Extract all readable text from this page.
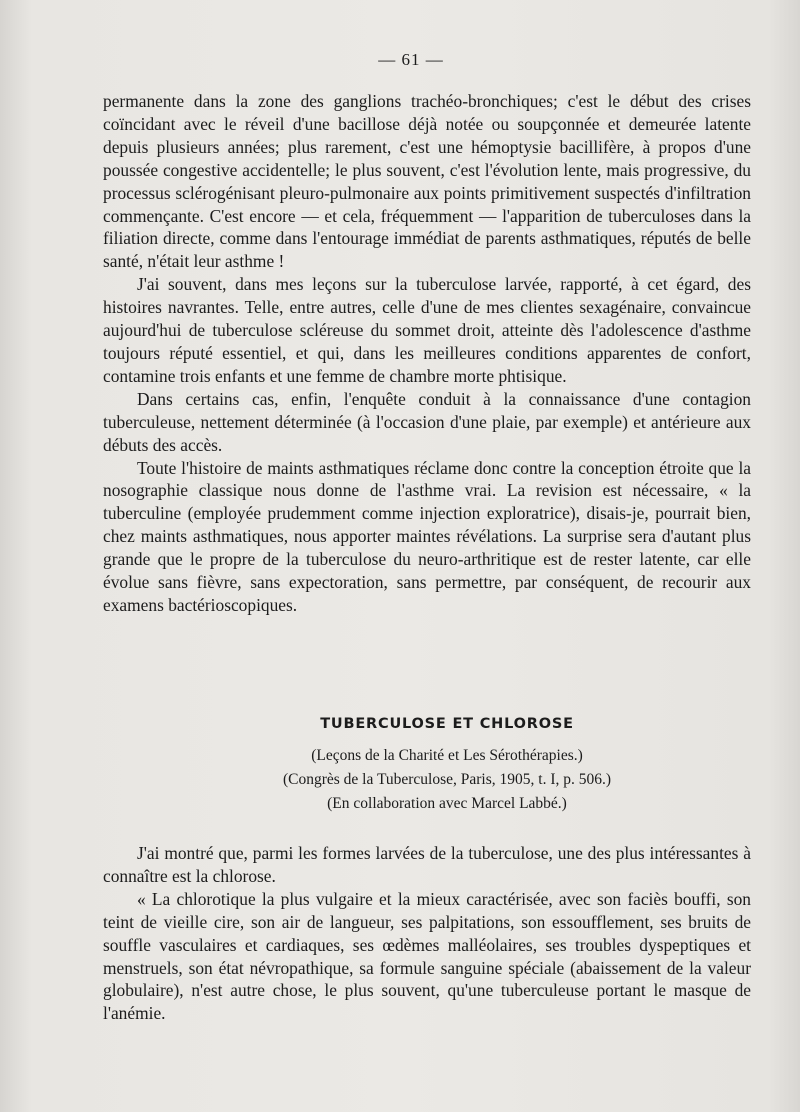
— 61 —

permanente dans la zone des ganglions trachéo-bronchiques; c'est le début des crises coïncidant avec le réveil d'une bacillose déjà notée ou soupçonnée et demeurée latente depuis plusieurs années; plus rarement, c'est une hémoptysie bacillifère, à propos d'une poussée congestive accidentelle; le plus souvent, c'est l'évolution lente, mais progressive, du processus sclérogénisant pleuro-pulmonaire aux points primitivement suspectés d'infiltration commençante. C'est encore — et cela, fréquemment — l'apparition de tuberculoses dans la filiation directe, comme dans l'entourage immédiat de parents asthmatiques, réputés de belle santé, n'était leur asthme !

J'ai souvent, dans mes leçons sur la tuberculose larvée, rapporté, à cet égard, des histoires navrantes. Telle, entre autres, celle d'une de mes clientes sexagénaire, convaincue aujourd'hui de tuberculose scléreuse du sommet droit, atteinte dès l'adolescence d'asthme toujours réputé essentiel, et qui, dans les meilleures conditions apparentes de confort, contamine trois enfants et une femme de chambre morte phtisique.

Dans certains cas, enfin, l'enquête conduit à la connaissance d'une contagion tuberculeuse, nettement déterminée (à l'occasion d'une plaie, par exemple) et antérieure aux débuts des accès.

Toute l'histoire de maints asthmatiques réclame donc contre la conception étroite que la nosographie classique nous donne de l'asthme vrai. La revision est nécessaire, « la tuberculine (employée prudemment comme injection exploratrice), disais-je, pourrait bien, chez maints asthmatiques, nous apporter maintes révélations. La surprise sera d'autant plus grande que le propre de la tuberculose du neuro-arthritique est de rester latente, car elle évolue sans fièvre, sans expectoration, sans permettre, par conséquent, de recourir aux examens bactérioscopiques.

TUBERCULOSE ET CHLOROSE

(Leçons de la Charité et Les Sérothérapies.)

(Congrès de la Tuberculose, Paris, 1905, t. I, p. 506.)

(En collaboration avec Marcel Labbé.)

J'ai montré que, parmi les formes larvées de la tuberculose, une des plus intéressantes à connaître est la chlorose.

« La chlorotique la plus vulgaire et la mieux caractérisée, avec son faciès bouffi, son teint de vieille cire, son air de langueur, ses palpitations, son essoufflement, ses bruits de souffle vasculaires et cardiaques, ses œdèmes malléolaires, ses troubles dyspeptiques et menstruels, son état névropathique, sa formule sanguine spéciale (abaissement de la valeur globulaire), n'est autre chose, le plus souvent, qu'une tuberculeuse portant le masque de l'anémie.
